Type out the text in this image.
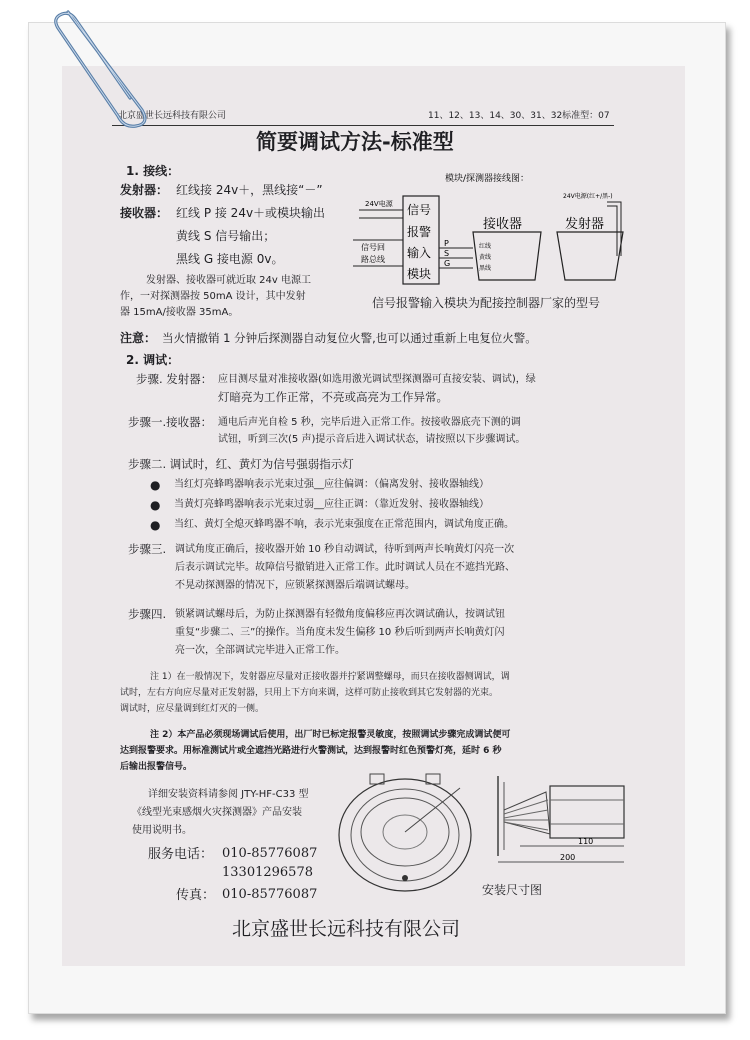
北京盛世长远科技有限公司	11、12、13、14、30、31、32标准型：07
简要调试方法-标准型
1. 接线：
发射器： 红线接 24v＋，黑线接“－”
接收器： 红线 P 接 24v＋或模块输出
黄线 S 信号输出；
黑线 G 接电源 0v。
发射器、接收器可就近取 24v 电源工
作，一对探测器按 50mA 设计，其中发射
器 15mA/接收器 35mA。
模块/探测器接线图：
24V电源
信号回
路总线
信号
报警
输入
模块
P
S
G
红线
黄线
黑线
接收器	发射器
24V电源(红+/黑-)
信号报警输入模块为配接控制器厂家的型号
注意： 当火情撤销 1 分钟后探测器自动复位火警,也可以通过重新上电复位火警。
2. 调试：
步骤. 发射器： 应目测尽量对准接收器(如选用激光调试型探测器可直接安装、调试)，绿
灯暗亮为工作正常，不亮或高亮为工作异常。
步骤一.接收器： 通电后声光自检 5 秒，完毕后进入正常工作。按接收器底壳下测的调
试钮，听到三次(5 声)提示音后进入调试状态，请按照以下步骤调试。
步骤二. 调试时，红、黄灯为信号强弱指示灯
● 当红灯亮蜂鸣器响表示光束过强__应往偏调：（偏离发射、接收器轴线）
● 当黄灯亮蜂鸣器响表示光束过弱__应往正调：（靠近发射、接收器轴线）
● 当红、黄灯全熄灭蜂鸣器不响，表示光束强度在正常范围内，调试角度正确。
步骤三. 调试角度正确后，接收器开始 10 秒自动调试，待听到两声长响黄灯闪亮一次
后表示调试完毕。故障信号撤销进入正常工作。此时调试人员在不遮挡光路、
不晃动探测器的情况下，应锁紧探测器后端调试螺母。
步骤四. 锁紧调试螺母后，为防止探测器有轻微角度偏移应再次调试确认，按调试钮
重复“步骤二、三”的操作。当角度未发生偏移 10 秒后听到两声长响黄灯闪
亮一次，全部调试完毕进入正常工作。
注 1）在一般情况下，发射器应尽量对正接收器并拧紧调整螺母，而只在接收器侧调试，调
试时，左右方向应尽量对正发射器，只用上下方向来调，这样可防止接收到其它发射器的光束。
调试时，应尽量调到红灯灭的一侧。
注 2）本产品必须现场调试后使用，出厂时已标定报警灵敏度，按照调试步骤完成调试便可
达到报警要求。用标准测试片或全遮挡光路进行火警测试，达到报警时红色预警灯亮，延时 6 秒
后输出报警信号。
详细安装资料请参阅 JTY-HF-C33 型
《线型光束感烟火灾探测器》产品安装
使用说明书。
服务电话： 010-85776087
13301296578
传真： 010-85776087
110
200
安装尺寸图
北京盛世长远科技有限公司
